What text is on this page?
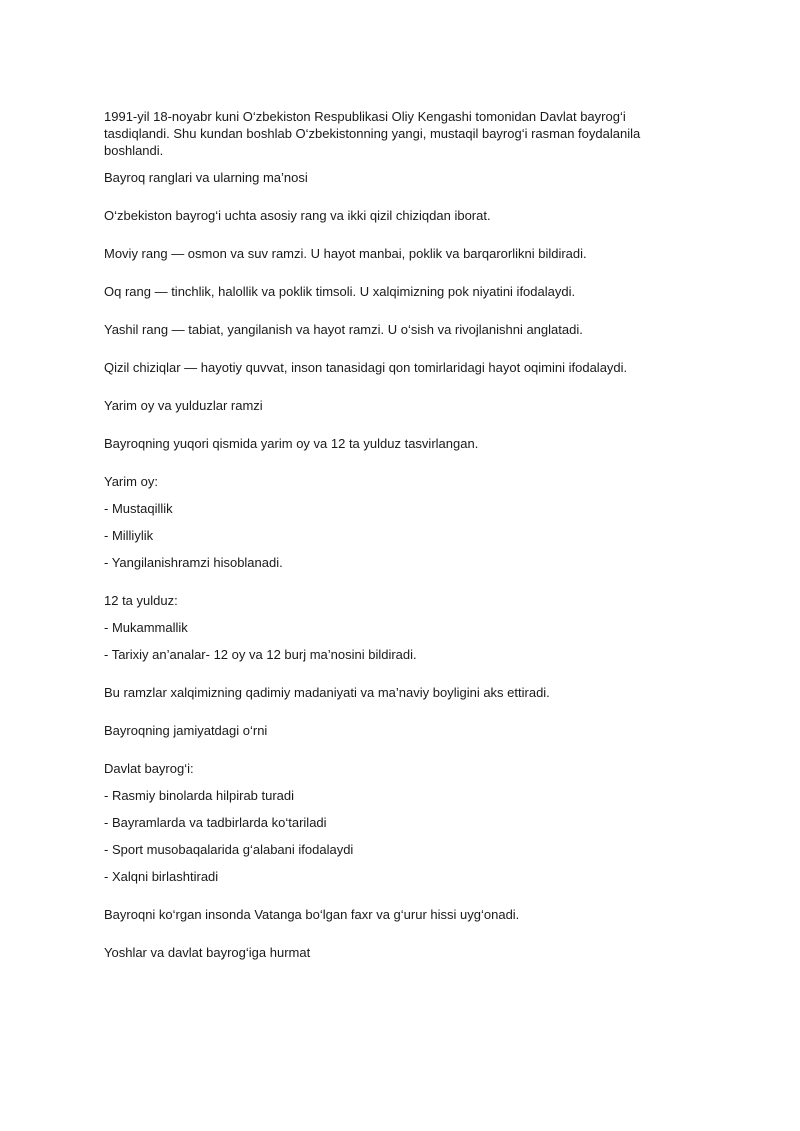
1991-yil 18-noyabr kuni O‘zbekiston Respublikasi Oliy Kengashi tomonidan Davlat bayrog‘i tasdiqlandi. Shu kundan boshlab O‘zbekistonning yangi, mustaqil bayrog‘i rasman foydalanila boshlandi.

Bayroq ranglari va ularning ma’nosi

O‘zbekiston bayrog‘i uchta asosiy rang va ikki qizil chiziqdan iborat.

Moviy rang — osmon va suv ramzi. U hayot manbai, poklik va barqarorlikni bildiradi.

Oq rang — tinchlik, halollik va poklik timsoli. U xalqimizning pok niyatini ifodalaydi.

Yashil rang — tabiat, yangilanish va hayot ramzi. U o‘sish va rivojlanishni anglatadi.

Qizil chiziqlar — hayotiy quvvat, inson tanasidagi qon tomirlaridagi hayot oqimini ifodalaydi.

Yarim oy va yulduzlar ramzi

Bayroqning yuqori qismida yarim oy va 12 ta yulduz tasvirlangan.

Yarim oy:

- Mustaqillik

- Milliylik

- Yangilanishramzi hisoblanadi.

12 ta yulduz:

- Mukammallik

- Tarixiy an’analar- 12 oy va 12 burj ma’nosini bildiradi.

Bu ramzlar xalqimizning qadimiy madaniyati va ma’naviy boyligini aks ettiradi.

Bayroqning jamiyatdagi o‘rni

Davlat bayrog‘i:

- Rasmiy binolarda hilpirab turadi

- Bayramlarda va tadbirlarda ko‘tariladi

- Sport musobaqalarida g‘alabani ifodalaydi

- Xalqni birlashtiradi

Bayroqni ko‘rgan insonda Vatanga bo‘lgan faxr va g‘urur hissi uyg‘onadi.

Yoshlar va davlat bayrog‘iga hurmat
